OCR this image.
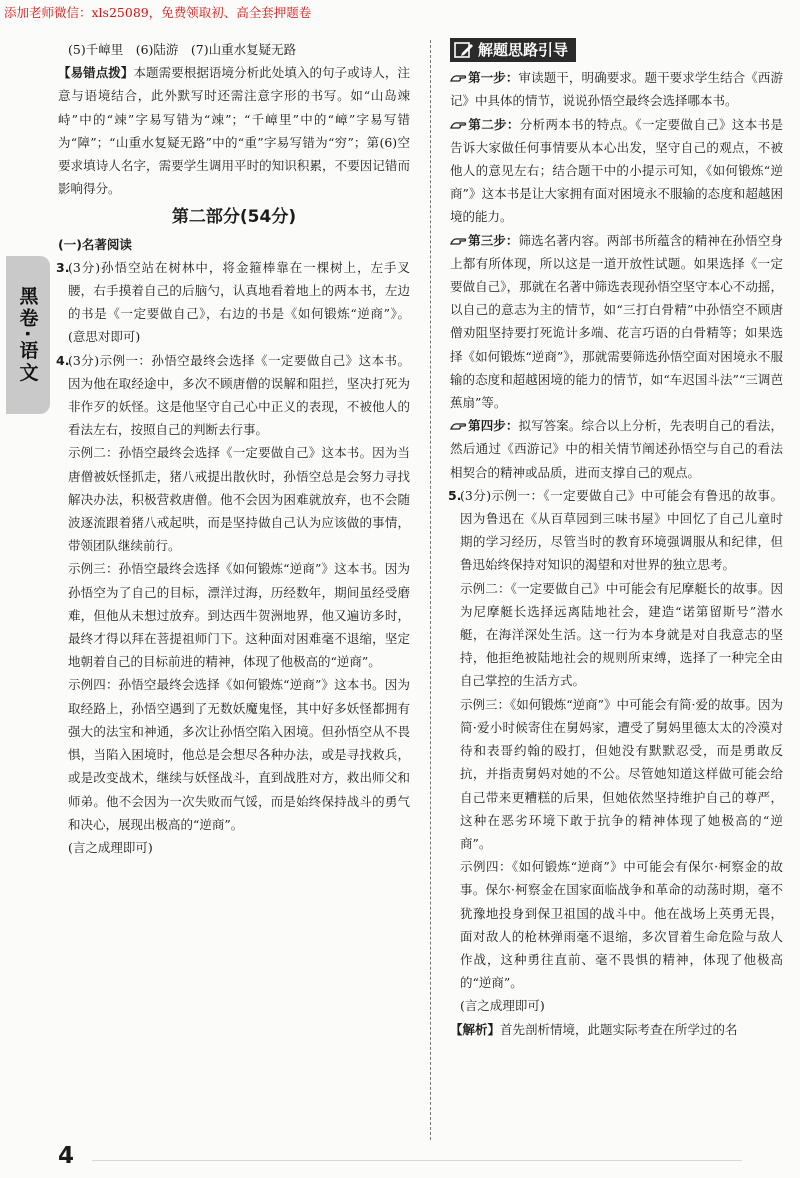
添加老师微信：xls25089，免费领取初、高全套押题卷
黑卷·语文

(5)千嶂里　(6)陆游　(7)山重水复疑无路

【易错点拨】本题需要根据语境分析此处填入的句子或诗人，注意与语境结合，此外默写时还需注意字形的书写。如“山岛竦峙”中的“竦”字易写错为“竦”；“千嶂里”中的“嶂”字易写错为“障”；“山重水复疑无路”中的“重”字易写错为“穷”；第(6)空要求填诗人名字，需要学生调用平时的知识积累，不要因记错而影响得分。

第二部分(54分)

(一)名著阅读

3.(3分)孙悟空站在树林中，将金箍棒靠在一棵树上，左手叉腰，右手摸着自己的后脑勺，认真地看着地上的两本书，左边的书是《一定要做自己》，右边的书是《如何锻炼“逆商”》。(意思对即可)

4.(3分)示例一：孙悟空最终会选择《一定要做自己》这本书。因为他在取经途中，多次不顾唐僧的误解和阻拦，坚决打死为非作歹的妖怪。这是他坚守自己心中正义的表现，不被他人的看法左右，按照自己的判断去行事。

示例二：孙悟空最终会选择《一定要做自己》这本书。因为当唐僧被妖怪抓走，猪八戒提出散伙时，孙悟空总是会努力寻找解决办法，积极营救唐僧。他不会因为困难就放弃，也不会随波逐流跟着猪八戒起哄，而是坚持做自己认为应该做的事情，带领团队继续前行。

示例三：孙悟空最终会选择《如何锻炼“逆商”》这本书。因为孙悟空为了自己的目标，漂洋过海，历经数年，期间虽经受磨难，但他从未想过放弃。到达西牛贺洲地界，他又遍访多时，最终才得以拜在菩提祖师门下。这种面对困难毫不退缩，坚定地朝着自己的目标前进的精神，体现了他极高的“逆商”。

示例四：孙悟空最终会选择《如何锻炼“逆商”》这本书。因为取经路上，孙悟空遇到了无数妖魔鬼怪，其中好多妖怪都拥有强大的法宝和神通，多次让孙悟空陷入困境。但孙悟空从不畏惧，当陷入困境时，他总是会想尽各种办法，或是寻找救兵，或是改变战术，继续与妖怪战斗，直到战胜对方，救出师父和师弟。他不会因为一次失败而气馁，而是始终保持战斗的勇气和决心，展现出极高的“逆商”。

(言之成理即可)

解题思路引导

第一步：审读题干，明确要求。题干要求学生结合《西游记》中具体的情节，说说孙悟空最终会选择哪本书。

第二步：分析两本书的特点。《一定要做自己》这本书是告诉大家做任何事情要从本心出发，坚守自己的观点，不被他人的意见左右；结合题干中的小提示可知，《如何锻炼“逆商”》这本书是让大家拥有面对困境永不服输的态度和超越困境的能力。

第三步：筛选名著内容。两部书所蕴含的精神在孙悟空身上都有所体现，所以这是一道开放性试题。如果选择《一定要做自己》，那就在名著中筛选表现孙悟空坚守本心不动摇，以自己的意志为主的情节，如“三打白骨精”中孙悟空不顾唐僧劝阻坚持要打死诡计多端、花言巧语的白骨精等；如果选择《如何锻炼“逆商”》，那就需要筛选孙悟空面对困境永不服输的态度和超越困境的能力的情节，如“车迟国斗法”“三调芭蕉扇”等。

第四步：拟写答案。综合以上分析，先表明自己的看法，然后通过《西游记》中的相关情节阐述孙悟空与自己的看法相契合的精神或品质，进而支撑自己的观点。

5.(3分)示例一：《一定要做自己》中可能会有鲁迅的故事。因为鲁迅在《从百草园到三味书屋》中回忆了自己儿童时期的学习经历，尽管当时的教育环境强调服从和纪律，但鲁迅始终保持对知识的渴望和对世界的独立思考。

示例二：《一定要做自己》中可能会有尼摩艇长的故事。因为尼摩艇长选择远离陆地社会，建造“诺第留斯号”潜水艇，在海洋深处生活。这一行为本身就是对自我意志的坚持，他拒绝被陆地社会的规则所束缚，选择了一种完全由自己掌控的生活方式。

示例三：《如何锻炼“逆商”》中可能会有简·爱的故事。因为简·爱小时候寄住在舅妈家，遭受了舅妈里德太太的冷漠对待和表哥约翰的殴打，但她没有默默忍受，而是勇敢反抗，并指责舅妈对她的不公。尽管她知道这样做可能会给自己带来更糟糕的后果，但她依然坚持维护自己的尊严，这种在恶劣环境下敢于抗争的精神体现了她极高的“逆商”。

示例四：《如何锻炼“逆商”》中可能会有保尔·柯察金的故事。保尔·柯察金在国家面临战争和革命的动荡时期，毫不犹豫地投身到保卫祖国的战斗中。他在战场上英勇无畏，面对敌人的枪林弹雨毫不退缩，多次冒着生命危险与敌人作战，这种勇往直前、毫不畏惧的精神，体现了他极高的“逆商”。

(言之成理即可)

【解析】首先剖析情境，此题实际考查在所学过的名

4
